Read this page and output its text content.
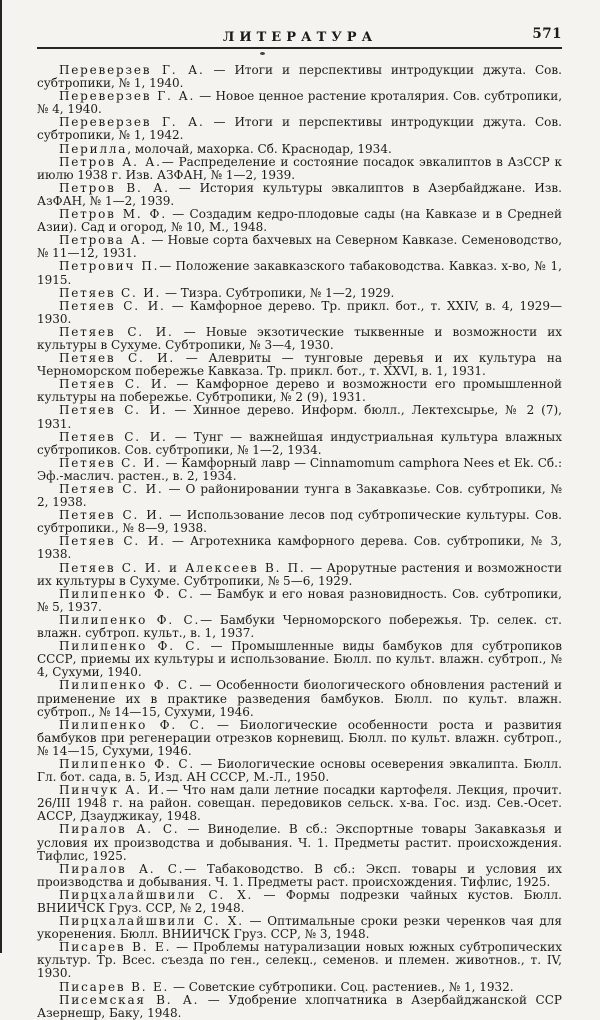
ЛИТЕРАТУРА	571

Переверзев Г. А. — Итоги и перспективы интродукции джута. Сов. субтропики, № 1, 1940.

Переверзев Г. А. — Новое ценное растение кроталярия. Сов. субтропики, № 4, 1940.

Переверзев Г. А. — Итоги и перспективы интродукции джута. Сов. субтропики, № 1, 1942.

Перилла, молочай, махорка. Сб. Краснодар, 1934.

Петров А. А.— Распределение и состояние посадок эвкалиптов в АзССР к июлю 1938 г. Изв. АЗФАН, № 1—2, 1939.

Петров В. А. — История культуры эвкалиптов в Азербайджане. Изв. АзФАН, № 1—2, 1939.

Петров М. Ф. — Создадим кедро-плодовые сады (на Кавказе и в Средней Азии). Сад и огород, № 10, М., 1948.

Петрова А. — Новые сорта бахчевых на Северном Кавказе. Семеноводство, № 11—12, 1931.

Петрович П.— Положение закавказского табаководства. Кавказ. х-во, № 1, 1915.

Петяев С. И. — Тизра. Субтропики, № 1—2, 1929.

Петяев С. И. — Камфорное дерево. Тр. прикл. бот., т. XXIV, в. 4, 1929—1930.

Петяев С. И. — Новые экзотические тыквенные и возможности их культуры в Сухуме. Субтропики, № 3—4, 1930.

Петяев С. И. — Алевриты — тунговые деревья и их культура на Черноморском побережье Кавказа. Тр. прикл. бот., т. XXVI, в. 1, 1931.

Петяев С. И. — Камфорное дерево и возможности его промышленной культуры на побережье. Субтропики, № 2 (9), 1931.

Петяев С. И. — Хинное дерево. Информ. бюлл., Лектехсырье, № 2 (7), 1931.

Петяев С. И. — Тунг — важнейшая индустриальная культура влажных субтропиков. Сов. субтропики, № 1—2, 1934.

Петяев С. И. — Камфорный лавр — Cinnamomum camphora Nees et Ek. Сб.: Эф.-маслич. растен., в. 2, 1934.

Петяев С. И. — О районировании тунга в Закавказье. Сов. субтропики, № 2, 1938.

Петяев С. И. — Использование лесов под субтропические культуры. Сов. субтропики., № 8—9, 1938.

Петяев С. И. — Агротехника камфорного дерева. Сов. субтропики, № 3, 1938.

Петяев С. И. и Алексеев В. П. — Арорутные растения и возможности их культуры в Сухуме. Субтропики, № 5—6, 1929.

Пилипенко Ф. С. — Бамбук и его новая разновидность. Сов. субтропики, № 5, 1937.

Пилипенко Ф. С.— Бамбуки Черноморского побережья. Тр. селек. ст. влажн. субтроп. культ., в. 1, 1937.

Пилипенко Ф. С. — Промышленные виды бамбуков для субтропиков СССР, приемы их культуры и использование. Бюлл. по культ. влажн. субтроп., № 4, Сухуми, 1940.

Пилипенко Ф. С. — Особенности биологического обновления растений и применение их в практике разведения бамбуков. Бюлл. по культ. влажн. субтроп., № 14—15, Сухуми, 1946.

Пилипенко Ф. С. — Биологические особенности роста и развития бамбуков при регенерации отрезков корневищ. Бюлл. по культ. влажн. субтроп., № 14—15, Сухуми, 1946.

Пилипенко Ф. С. — Биологические основы осеверения эвкалипта. Бюлл. Гл. бот. сада, в. 5, Изд. АН СССР, М.-Л., 1950.

Пинчук А. И.— Что нам дали летние посадки картофеля. Лекция, прочит. 26/III 1948 г. на район. совещан. передовиков сельск. х-ва. Гос. изд. Сев.-Осет. АССР, Дзауджикау, 1948.

Пиралов А. С. — Виноделие. В сб.: Экспортные товары Закавказья и условия их производства и добывания. Ч. 1. Предметы растит. происхождения. Тифлис, 1925.

Пиралов А. С.— Табаководство. В сб.: Эксп. товары и условия их производства и добывания. Ч. 1. Предметы раст. происхождения. Тифлис, 1925.

Пирцхалайшвили С. Х. — Формы подрезки чайных кустов. Бюлл. ВНИИЧСК Груз. ССР, № 2, 1948.

Пирцхалайшвили С. Х. — Оптимальные сроки резки черенков чая для укоренения. Бюлл. ВНИИЧСК Груз. ССР, № 3, 1948.

Писарев В. Е. — Проблемы натурализации новых южных субтропических культур. Тр. Всес. съезда по ген., селекц., семенов. и племен. животнов., т. IV, 1930.

Писарев В. Е. — Советские субтропики. Соц. растениев., № 1, 1932.

Писемская В. А. — Удобрение хлопчатника в Азербайджанской ССР Азернешр, Баку, 1948.
